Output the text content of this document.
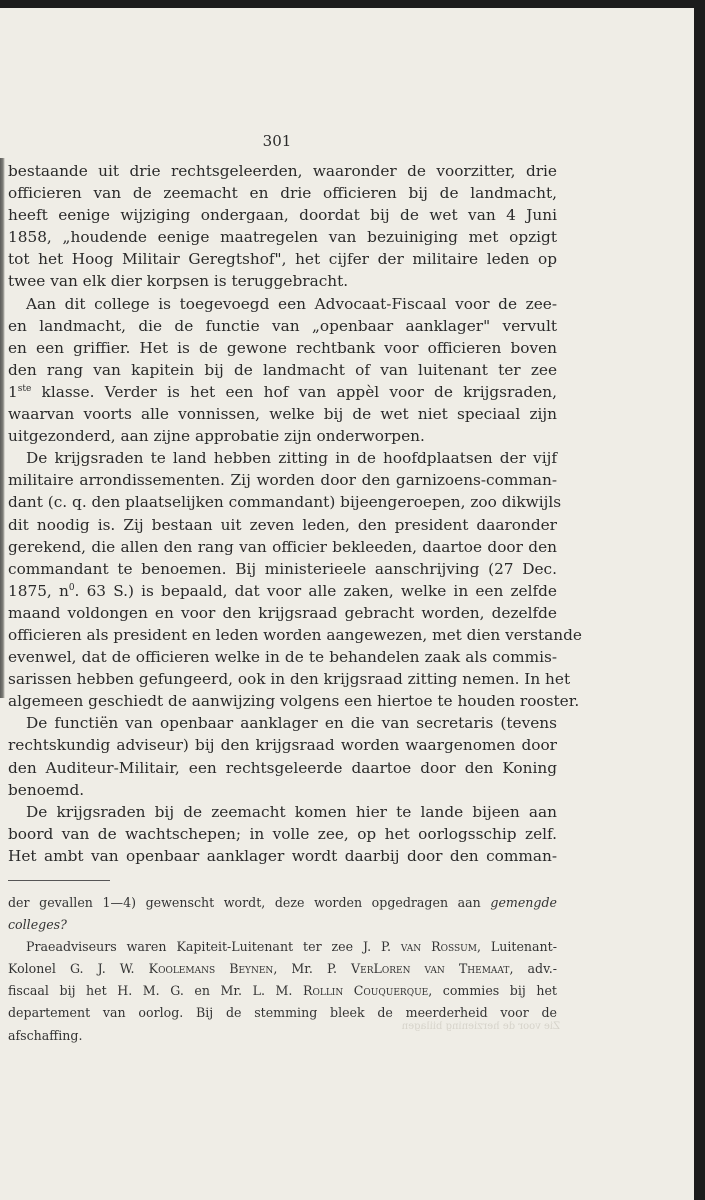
301
bestaande uit drie rechtsgeleerden, waaronder de voorzitter, drie
officieren van de zeemacht en drie officieren bij de landmacht,
heeft eenige wijziging ondergaan, doordat bij de wet van 4 Juni
1858, „houdende eenige maatregelen van bezuiniging met opzigt
tot het Hoog Militair Geregtshof", het cijfer der militaire leden op
twee van elk dier korpsen is teruggebracht.
Aan dit college is toegevoegd een Advocaat-Fiscaal voor de zee-
en landmacht, die de functie van „openbaar aanklager" vervult
en een griffier. Het is de gewone rechtbank voor officieren boven
den rang van kapitein bij de landmacht of van luitenant ter zee
1ste klasse. Verder is het een hof van appèl voor de krijgsraden,
waarvan voorts alle vonnissen, welke bij de wet niet speciaal zijn
uitgezonderd, aan zijne approbatie zijn onderworpen.
De krijgsraden te land hebben zitting in de hoofdplaatsen der vijf
militaire arrondissementen. Zij worden door den garnizoens-comman-
dant (c. q. den plaatselijken commandant) bijeengeroepen, zoo dikwijls
dit noodig is. Zij bestaan uit zeven leden, den president daaronder
gerekend, die allen den rang van officier bekleeden, daartoe door den
commandant te benoemen. Bij ministerieele aanschrijving (27 Dec.
1875, $n^0$. 63 S.) is bepaald, dat voor alle zaken, welke in een zelfde
maand voldongen en voor den krijgsraad gebracht worden, dezelfde
officieren als president en leden worden aangewezen, met dien verstande
evenwel, dat de officieren welke in de te behandelen zaak als commis-
sarissen hebben gefungeerd, ook in den krijgsraad zitting nemen. In het
algemeen geschiedt de aanwijzing volgens een hiertoe te houden rooster.
De functiën van openbaar aanklager en die van secretaris (tevens
rechtskundig adviseur) bij den krijgsraad worden waargenomen door
den Auditeur-Militair, een rechtsgeleerde daartoe door den Koning
benoemd.
De krijgsraden bij de zeemacht komen hier te lande bijeen aan
boord van de wachtschepen; in volle zee, op het oorlogsschip zelf.
Het ambt van openbaar aanklager wordt daarbij door den comman-
der gevallen 1—4) gewenscht wordt, deze worden opgedragen aan gemengde
colleges?
Praeadviseurs waren Kapiteit-Luitenant ter zee J. P. van Rossum, Luitenant-
Kolonel G. J. W. Koolemans Beynen, Mr. P. VerLoren van Themaat, adv.-
fiscaal bij het H. M. G. en Mr. L. M. Rollin Couquerque, commies bij het
departement van oorlog. Bij de stemming bleek de meerderheid voor de
afschaffing.
Zie voor de herziening biilagen
